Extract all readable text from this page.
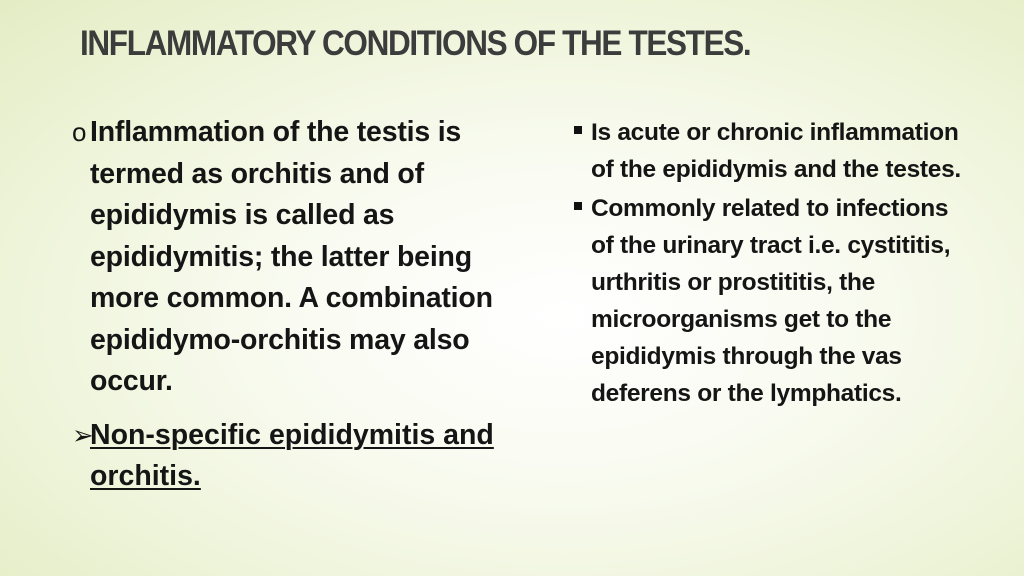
INFLAMMATORY CONDITIONS OF THE TESTES.
o Inflammation of the testis is termed as orchitis and of epididymis is called as epididymitis; the latter being more common. A combination epididymo-orchitis may also occur.
➢
Non-specific epididymitis and orchitis.
Is acute or chronic inflammation of the epididymis and the testes.
Commonly related to infections of the urinary tract i.e. cystititis, urthritis or prostititis, the microorganisms get to the epididymis through the vas deferens or the lymphatics.
